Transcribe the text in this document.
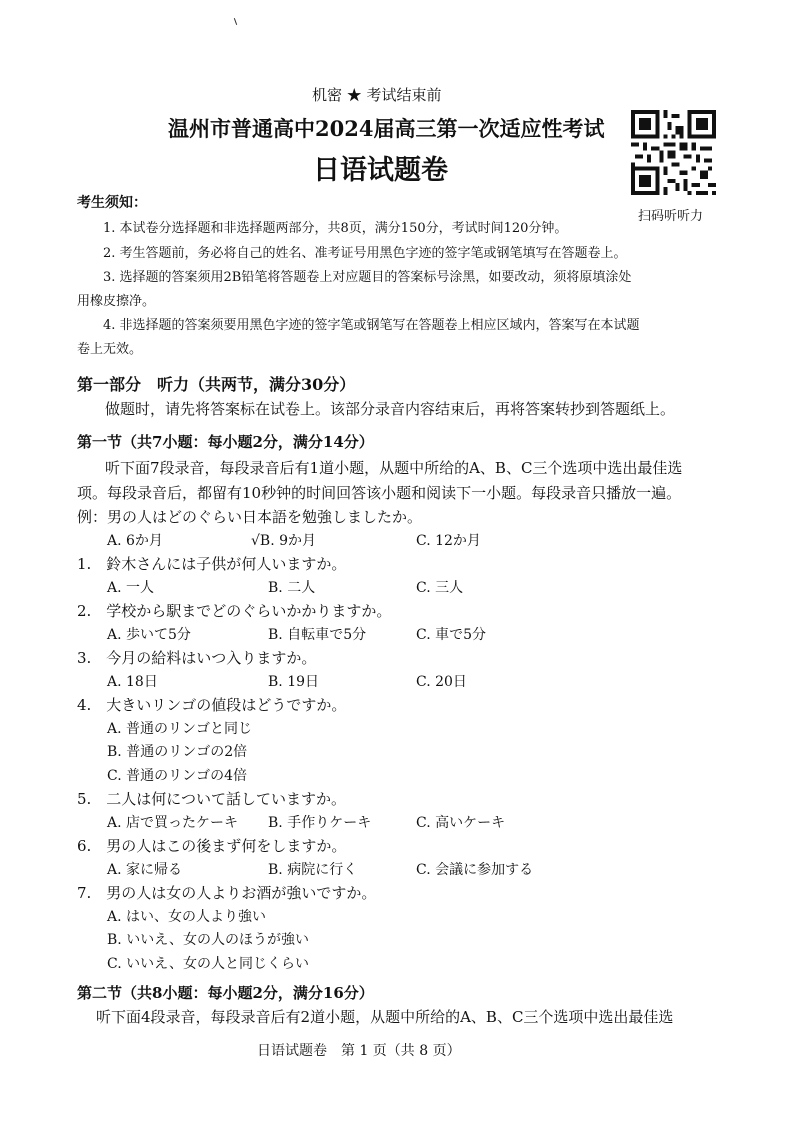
机密 ★ 考试结束前
温州市普通高中2024届高三第一次适应性考试
日语试题卷
扫码听听力
考生须知：
1. 本试卷分选择题和非选择题两部分，共8页，满分150分，考试时间120分钟。
2. 考生答题前，务必将自己的姓名、准考证号用黑色字迹的签字笔或钢笔填写在答题卷上。
3. 选择题的答案须用2B铅笔将答题卷上对应题目的答案标号涂黑，如要改动，须将原填涂处
用橡皮擦净。
4. 非选择题的答案须要用黑色字迹的签字笔或钢笔写在答题卷上相应区域内，答案写在本试题
卷上无效。
第一部分　听力（共两节，满分30分）
做题时，请先将答案标在试卷上。该部分录音内容结束后，再将答案转抄到答题纸上。
第一节（共7小题：每小题2分，满分14分）
听下面7段录音，每段录音后有1道小题，从题中所给的A、B、C三个选项中选出最佳选
项。每段录音后，都留有10秒钟的时间回答该小题和阅读下一小题。每段录音只播放一遍。
例：男の人はどのぐらい日本語を勉強しましたか。
A. 6か月	√B. 9か月	C. 12か月
1.　鈴木さんには子供が何人いますか。
A. 一人	B. 二人	C. 三人
2.　学校から駅までどのぐらいかかりますか。
A. 歩いて5分	B. 自転車で5分	C. 車で5分
3.　今月の給料はいつ入りますか。
A. 18日	B. 19日	C. 20日
4.　大きいリンゴの値段はどうですか。
A. 普通のリンゴと同じ
B. 普通のリンゴの2倍
C. 普通のリンゴの4倍
5.　二人は何について話していますか。
A. 店で買ったケーキ B. 手作りケーキ	C. 高いケーキ
6.　男の人はこの後まず何をしますか。
A. 家に帰る	B. 病院に行く	C. 会議に参加する
7.　男の人は女の人よりお酒が強いですか。
A. はい、女の人より強い
B. いいえ、女の人のほうが強い
C. いいえ、女の人と同じくらい
第二节（共8小题：每小题2分，满分16分）
听下面4段录音，每段录音后有2道小题，从题中所给的A、B、C三个选项中选出最佳选
日语试题卷　第 1 页（共 8 页）
